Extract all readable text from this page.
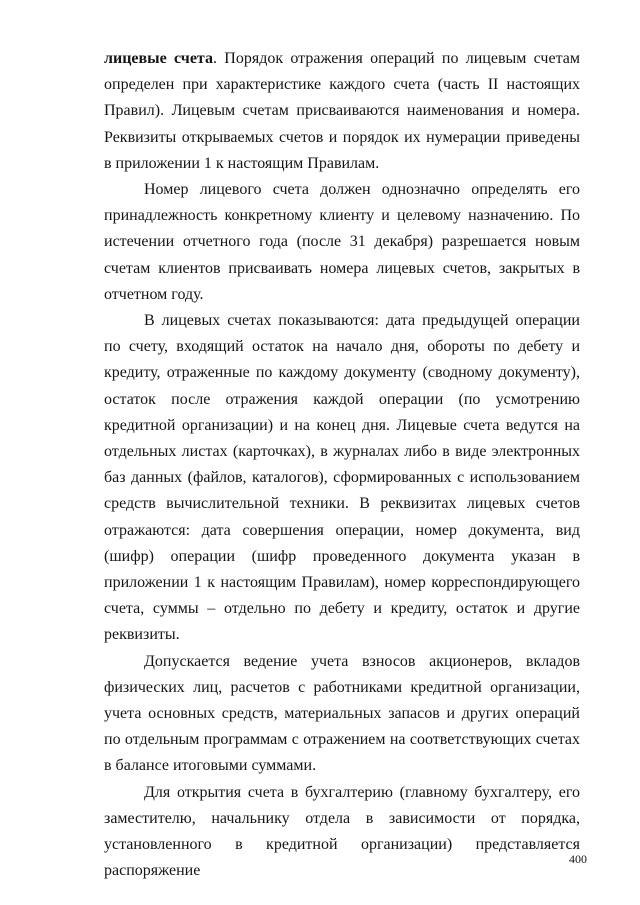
лицевые счета. Порядок отражения операций по лицевым счетам определен при характеристике каждого счета (часть II настоящих Правил). Лицевым счетам присваиваются наименования и номера. Реквизиты открываемых счетов и порядок их нумерации приведены в приложении 1 к настоящим Правилам.

Номер лицевого счета должен однозначно определять его принадлежность конкретному клиенту и целевому назначению. По истечении отчетного года (после 31 декабря) разрешается новым счетам клиентов присваивать номера лицевых счетов, закрытых в отчетном году.

В лицевых счетах показываются: дата предыдущей операции по счету, входящий остаток на начало дня, обороты по дебету и кредиту, отраженные по каждому документу (сводному документу), остаток после отражения каждой операции (по усмотрению кредитной организации) и на конец дня. Лицевые счета ведутся на отдельных листах (карточках), в журналах либо в виде электронных баз данных (файлов, каталогов), сформированных с использованием средств вычислительной техники. В реквизитах лицевых счетов отражаются: дата совершения операции, номер документа, вид (шифр) операции (шифр проведенного документа указан в приложении 1 к настоящим Правилам), номер корреспондирующего счета, суммы – отдельно по дебету и кредиту, остаток и другие реквизиты.

Допускается ведение учета взносов акционеров, вкладов физических лиц, расчетов с работниками кредитной организации, учета основных средств, материальных запасов и других операций по отдельным программам с отражением на соответствующих счетах в балансе итоговыми суммами.

Для открытия счета в бухгалтерию (главному бухгалтеру, его заместителю, начальнику отдела в зависимости от порядка, установленного в кредитной организации) представляется распоряжение

400
